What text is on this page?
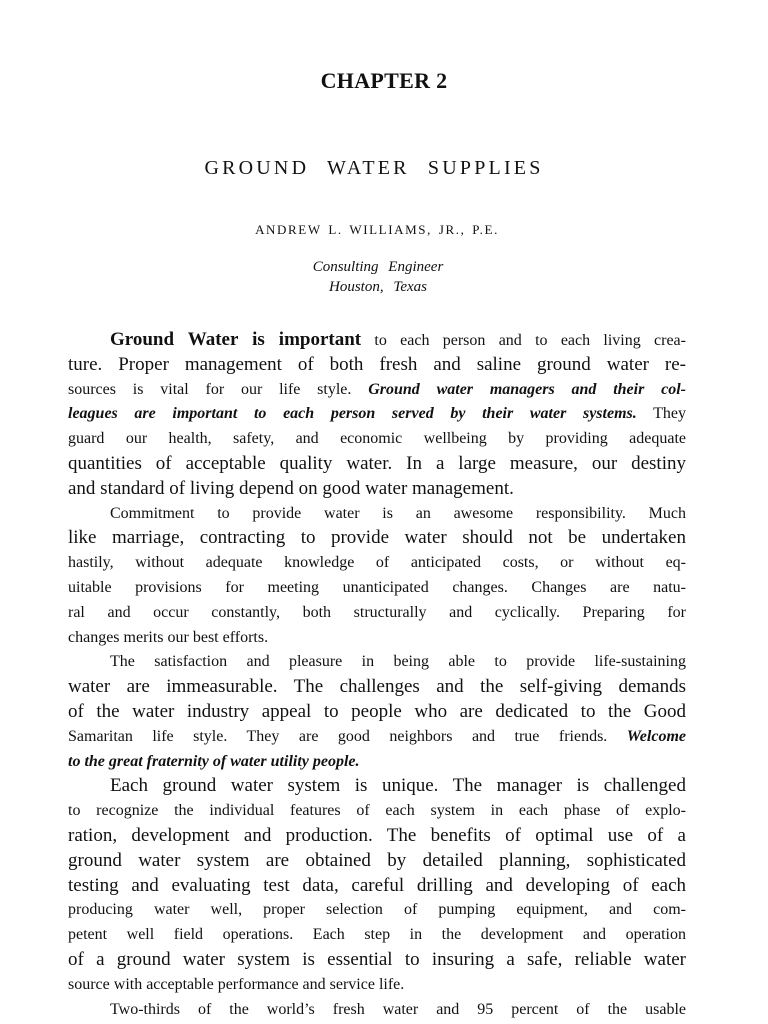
CHAPTER 2
GROUND WATER SUPPLIES
ANDREW L. WILLIAMS, JR., P.E.
Consulting Engineer
Houston, Texas
Ground Water is important to each person and to each living crea-
ture. Proper management of both fresh and saline ground water re-
sources is vital for our life style. Ground water managers and their col-
leagues are important to each person served by their water systems. They
guard our health, safety, and economic wellbeing by providing adequate
quantities of acceptable quality water. In a large measure, our destiny
and standard of living depend on good water management.
Commitment to provide water is an awesome responsibility. Much
like marriage, contracting to provide water should not be undertaken
hastily, without adequate knowledge of anticipated costs, or without eq-
uitable provisions for meeting unanticipated changes. Changes are natu-
ral and occur constantly, both structurally and cyclically. Preparing for
changes merits our best efforts.
The satisfaction and pleasure in being able to provide life-sustaining
water are immeasurable. The challenges and the self-giving demands
of the water industry appeal to people who are dedicated to the Good
Samaritan life style. They are good neighbors and true friends. Welcome
to the great fraternity of water utility people.
Each ground water system is unique. The manager is challenged
to recognize the individual features of each system in each phase of explo-
ration, development and production. The benefits of optimal use of a
ground water system are obtained by detailed planning, sophisticated
testing and evaluating test data, careful drilling and developing of each
producing water well, proper selection of pumping equipment, and com-
petent well field operations. Each step in the development and operation
of a ground water system is essential to insuring a safe, reliable water
source with acceptable performance and service life.
Two-thirds of the world’s fresh water and 95 percent of the usable
